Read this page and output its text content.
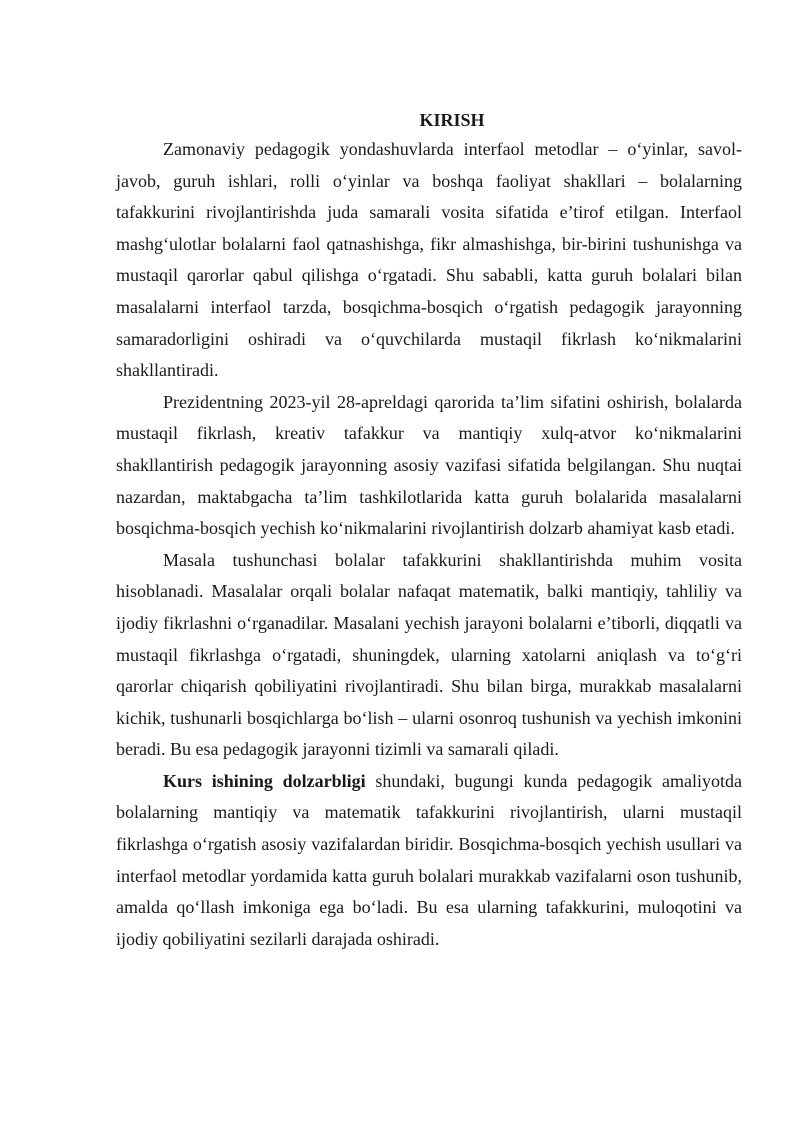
KIRISH

Zamonaviy pedagogik yondashuvlarda interfaol metodlar – o‘yinlar, savol-javob, guruh ishlari, rolli o‘yinlar va boshqa faoliyat shakllari – bolalarning tafakkurini rivojlantirishda juda samarali vosita sifatida e’tirof etilgan. Interfaol mashg‘ulotlar bolalarni faol qatnashishga, fikr almashishga, bir-birini tushunishga va mustaqil qarorlar qabul qilishga o‘rgatadi. Shu sababli, katta guruh bolalari bilan masalalarni interfaol tarzda, bosqichma-bosqich o‘rgatish pedagogik jarayonning samaradorligini oshiradi va o‘quvchilarda mustaqil fikrlash ko‘nikmalarini shakllantiradi.

Prezidentning 2023-yil 28-apreldagi qarorida ta’lim sifatini oshirish, bolalarda mustaqil fikrlash, kreativ tafakkur va mantiqiy xulq-atvor ko‘nikmalarini shakllantirish pedagogik jarayonning asosiy vazifasi sifatida belgilangan. Shu nuqtai nazardan, maktabgacha ta’lim tashkilotlarida katta guruh bolalarida masalalarni bosqichma-bosqich yechish ko‘nikmalarini rivojlantirish dolzarb ahamiyat kasb etadi.

Masala tushunchasi bolalar tafakkurini shakllantirishda muhim vosita hisoblanadi. Masalalar orqali bolalar nafaqat matematik, balki mantiqiy, tahliliy va ijodiy fikrlashni o‘rganadilar. Masalani yechish jarayoni bolalarni e’tiborli, diqqatli va mustaqil fikrlashga o‘rgatadi, shuningdek, ularning xatolarni aniqlash va to‘g‘ri qarorlar chiqarish qobiliyatini rivojlantiradi. Shu bilan birga, murakkab masalalarni kichik, tushunarli bosqichlarga bo‘lish – ularni osonroq tushunish va yechish imkonini beradi. Bu esa pedagogik jarayonni tizimli va samarali qiladi.

Kurs ishining dolzarbligi shundaki, bugungi kunda pedagogik amaliyotda bolalarning mantiqiy va matematik tafakkurini rivojlantirish, ularni mustaqil fikrlashga o‘rgatish asosiy vazifalardan biridir. Bosqichma-bosqich yechish usullari va interfaol metodlar yordamida katta guruh bolalari murakkab vazifalarni oson tushunib, amalda qo‘llash imkoniga ega bo‘ladi. Bu esa ularning tafakkurini, muloqotini va ijodiy qobiliyatini sezilarli darajada oshiradi.
